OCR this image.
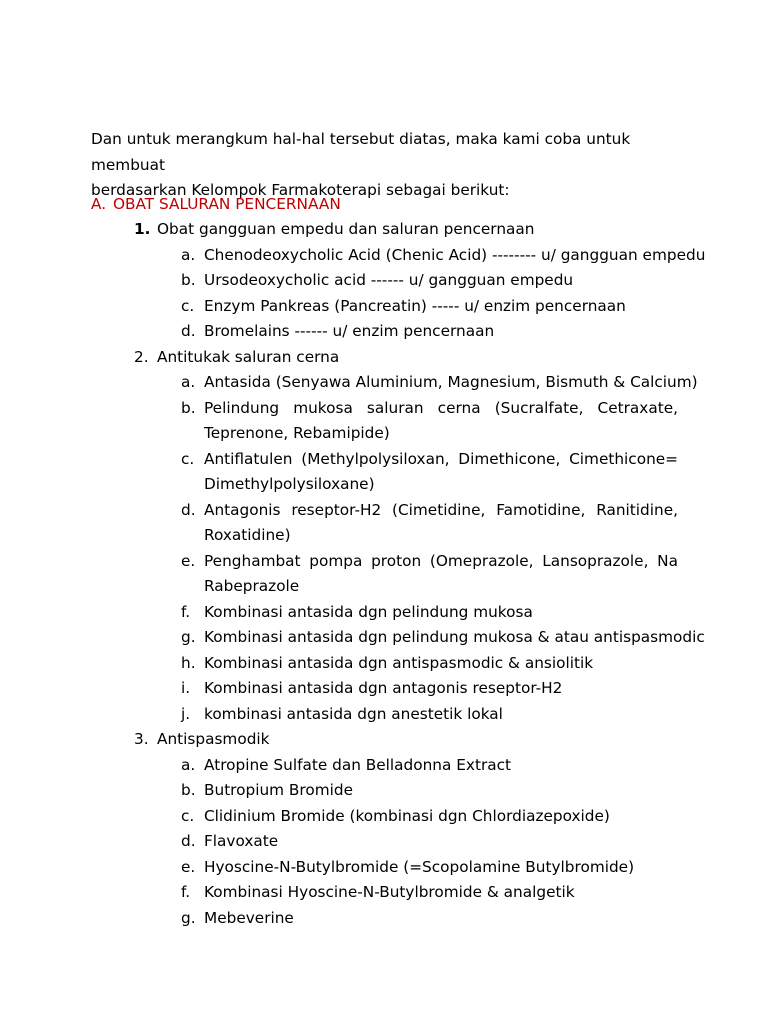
Dan untuk merangkum hal-hal tersebut diatas, maka kami coba untuk membuat

berdasarkan Kelompok Farmakoterapi sebagai berikut:

A. OBAT SALURAN PENCERNAAN
1. Obat gangguan empedu dan saluran pencernaan
a. Chenodeoxycholic Acid (Chenic Acid) -------- u/ gangguan empedu
b. Ursodeoxycholic acid ------ u/ gangguan empedu
c. Enzym Pankreas (Pancreatin) ----- u/ enzim pencernaan
d. Bromelains ------ u/ enzim pencernaan
2. Antitukak saluran cerna
a. Antasida (Senyawa Aluminium, Magnesium, Bismuth & Calcium)
b. Pelindung mukosa saluran cerna (Sucralfate, Cetraxate,
Teprenone, Rebamipide)
c. Antiflatulen (Methylpolysiloxan, Dimethicone, Cimethicone=
Dimethylpolysiloxane)
d. Antagonis reseptor-H2 (Cimetidine, Famotidine, Ranitidine,
Roxatidine)
e. Penghambat pompa proton (Omeprazole, Lansoprazole, Na
Rabeprazole
f. Kombinasi antasida dgn pelindung mukosa
g. Kombinasi antasida dgn pelindung mukosa & atau antispasmodic
h. Kombinasi antasida dgn antispasmodic & ansiolitik
i. Kombinasi antasida dgn antagonis reseptor-H2
j. kombinasi antasida dgn anestetik lokal
3. Antispasmodik
a. Atropine Sulfate dan Belladonna Extract
b. Butropium Bromide
c. Clidinium Bromide (kombinasi dgn Chlordiazepoxide)
d. Flavoxate
e. Hyoscine-N-Butylbromide (=Scopolamine Butylbromide)
f. Kombinasi Hyoscine-N-Butylbromide & analgetik
g. Mebeverine
